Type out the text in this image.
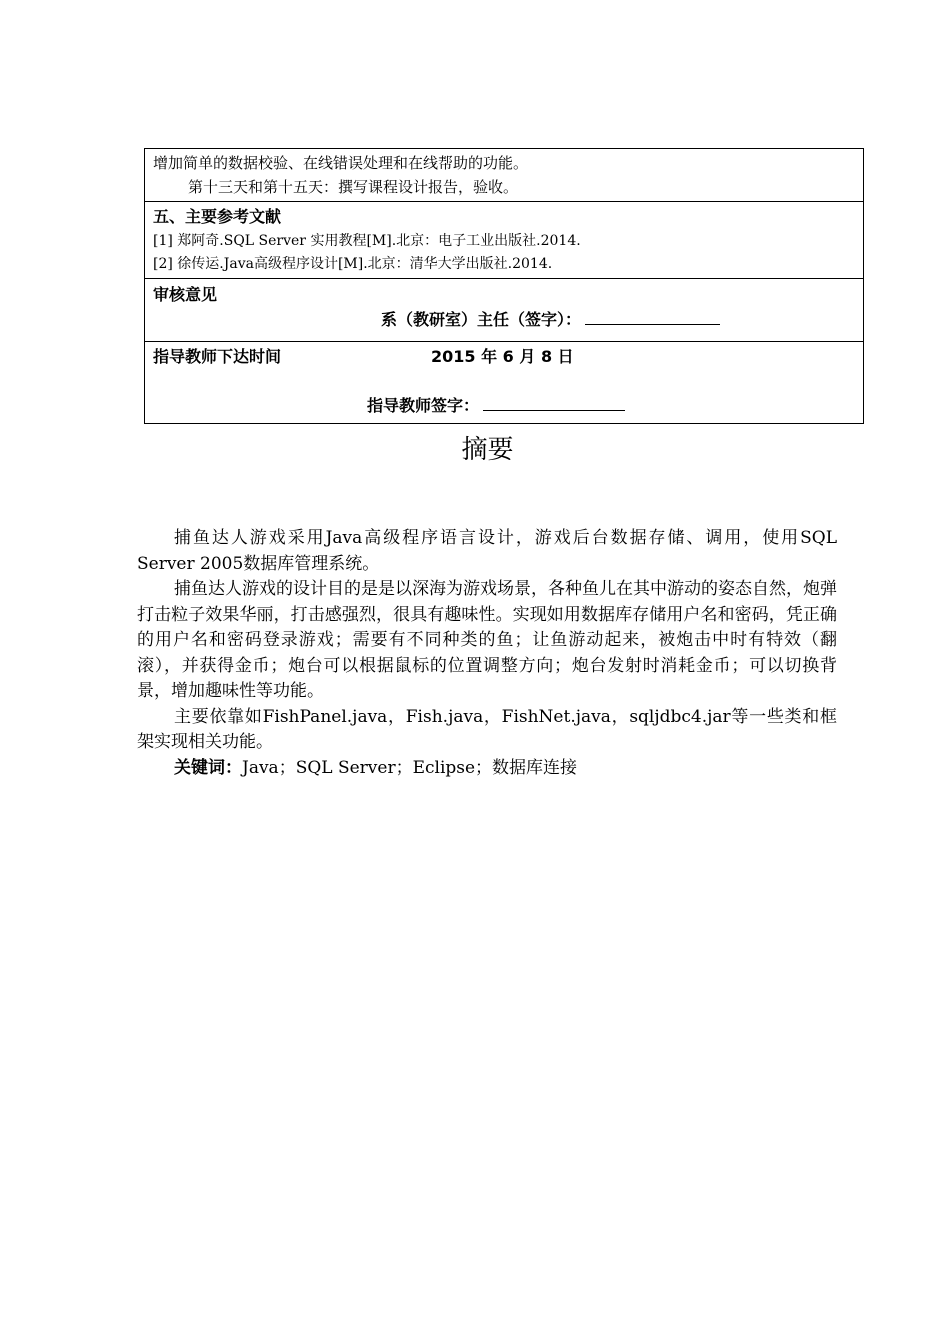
增加简单的数据校验、在线错误处理和在线帮助的功能。
第十三天和第十五天：撰写课程设计报告，验收。
五、主要参考文献
[1] 郑阿奇.SQL Server 实用教程[M].北京：电子工业出版社.2014.
[2] 徐传运.Java高级程序设计[M].北京：清华大学出版社.2014.
审核意见
系（教研室）主任（签字）：
指导教师下达时间	2015 年 6 月 8 日
指导教师签字：
摘要

捕鱼达人游戏采用Java高级程序语言设计，游戏后台数据存储、调用，使用SQL Server 2005数据库管理系统。

捕鱼达人游戏的设计目的是是以深海为游戏场景，各种鱼儿在其中游动的姿态自然，炮弹打击粒子效果华丽，打击感强烈，很具有趣味性。实现如用数据库存储用户名和密码，凭正确的用户名和密码登录游戏；需要有不同种类的鱼；让鱼游动起来，被炮击中时有特效（翻滚），并获得金币；炮台可以根据鼠标的位置调整方向；炮台发射时消耗金币；可以切换背景，增加趣味性等功能。

主要依靠如FishPanel.java，Fish.java，FishNet.java，sqljdbc4.jar等一些类和框架实现相关功能。

关键词：Java；SQL Server；Eclipse；数据库连接
